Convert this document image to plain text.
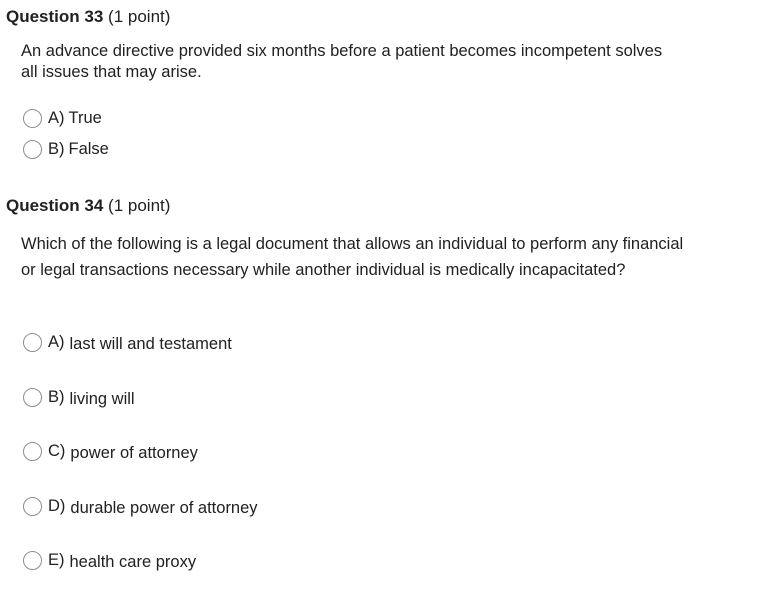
Question 33 (1 point)
An advance directive provided six months before a patient becomes incompetent solves all issues that may arise.
A) True
B) False
Question 34 (1 point)
Which of the following is a legal document that allows an individual to perform any financial or legal transactions necessary while another individual is medically incapacitated?
A) last will and testament
B) living will
C) power of attorney
D) durable power of attorney
E) health care proxy
